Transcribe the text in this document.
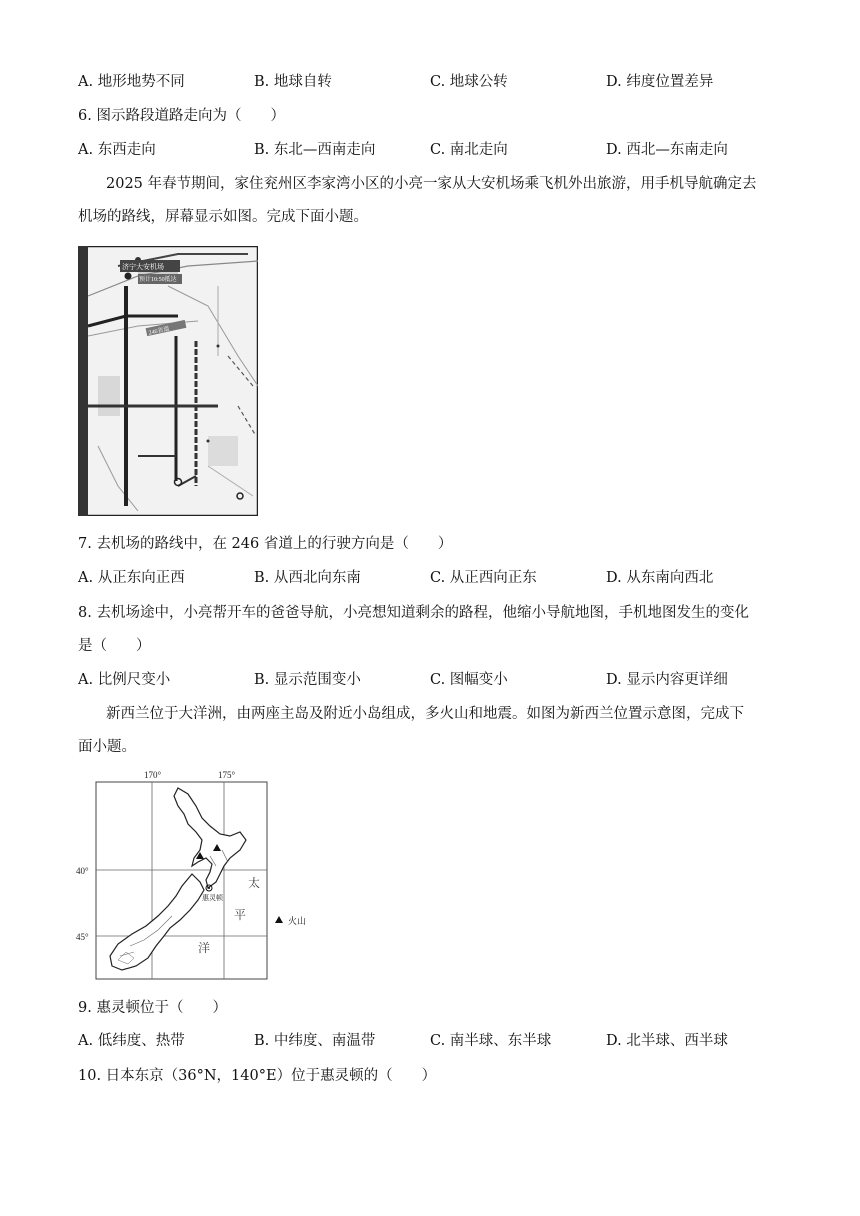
A. 地形地势不同	B. 地球自转	C. 地球公转	D. 纬度位置差异
6. 图示路段道路走向为（　　）
A. 东西走向	B. 东北—西南走向	C. 南北走向	D. 西北—东南走向
2025 年春节期间，家住兖州区李家湾小区的小亮一家从大安机场乘飞机外出旅游，用手机导航确定去
机场的路线，屏幕显示如图。完成下面小题。
济宁大安机场
预计10:50抵达
246省道
7. 去机场的路线中，在 246 省道上的行驶方向是（　　）
A. 从正东向正西	B. 从西北向东南	C. 从正西向正东	D. 从东南向西北
8. 去机场途中，小亮帮开车的爸爸导航，小亮想知道剩余的路程，他缩小导航地图，手机地图发生的变化
是（　　）
A. 比例尺变小	B. 显示范围变小	C. 图幅变小	D. 显示内容更详细
新西兰位于大洋洲，由两座主岛及附近小岛组成，多火山和地震。如图为新西兰位置示意图，完成下
面小题。
170°	175°
40°
45°
惠灵顿
太
平
洋
火山
9. 惠灵顿位于（　　）
A. 低纬度、热带	B. 中纬度、南温带	C. 南半球、东半球	D. 北半球、西半球
10. 日本东京（36°N，140°E）位于惠灵顿的（　　）
